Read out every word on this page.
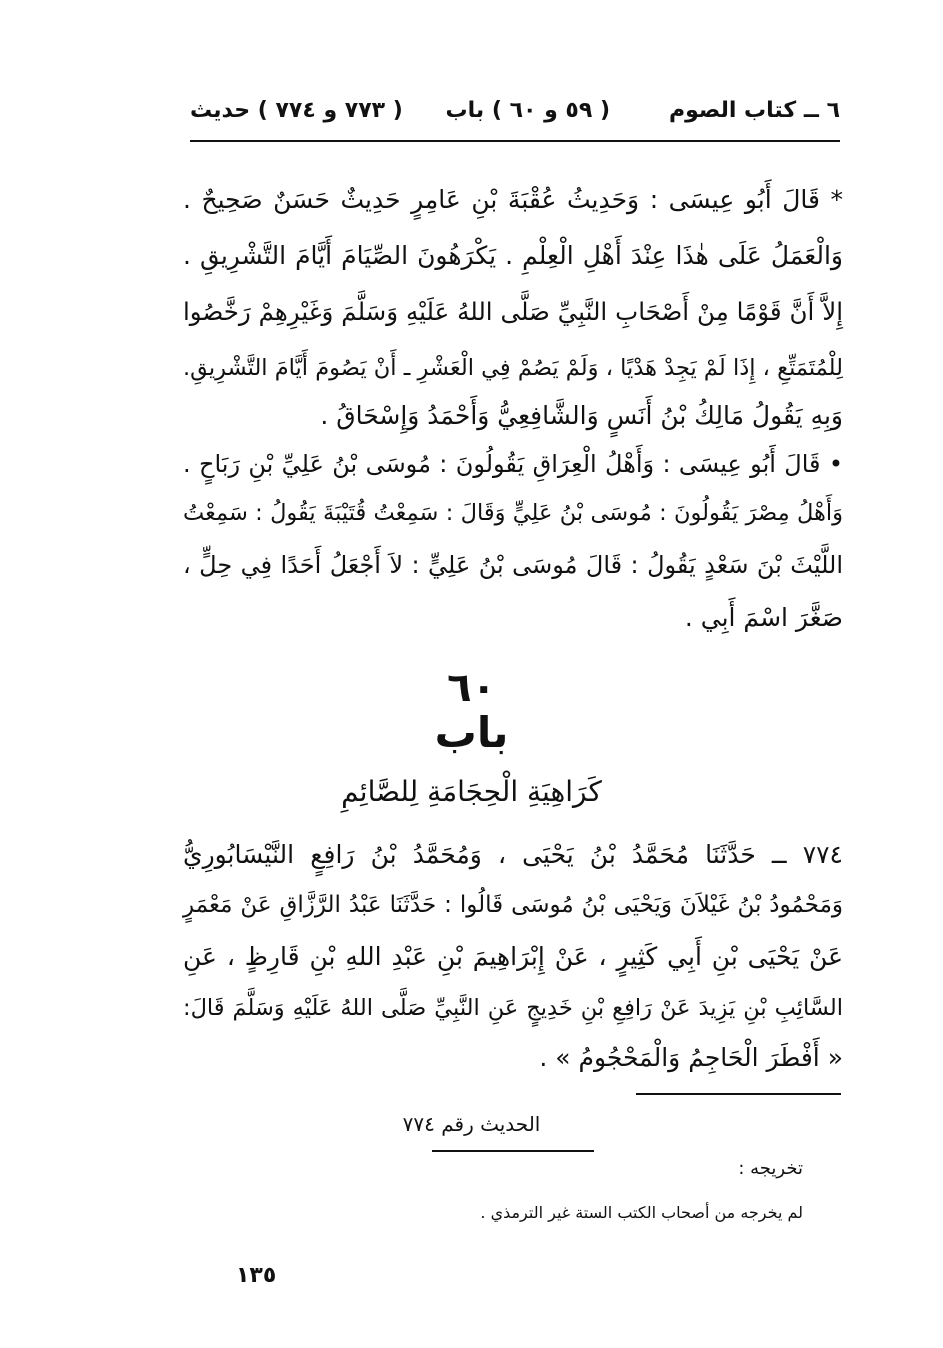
٦ ــ كتاب الصوم
( ٥٩ و ٦٠ ) باب
( ٧٧٣ و ٧٧٤ ) حديث
* قَالَ أَبُو عِيسَى : وَحَدِيثُ عُقْبَةَ بْنِ عَامِرٍ حَدِيثٌ حَسَنٌ صَحِيحٌ .
وَالْعَمَلُ عَلَى هٰذَا عِنْدَ أَهْلِ الْعِلْمِ . يَكْرَهُونَ الصِّيَامَ أَيَّامَ التَّشْرِيقِ .
إِلاَّ أَنَّ قَوْمًا مِنْ أَصْحَابِ النَّبِيِّ صَلَّى اللهُ عَلَيْهِ وَسَلَّمَ وَغَيْرِهِمْ رَخَّصُوا
لِلْمُتَمَتِّعِ ، إِذَا لَمْ يَجِدْ هَدْيًا ، وَلَمْ يَصُمْ فِي الْعَشْرِ ـ أَنْ يَصُومَ أَيَّامَ التَّشْرِيقِ.
وَبِهِ يَقُولُ مَالِكُ بْنُ أَنَسٍ وَالشَّافِعِيُّ وَأَحْمَدُ وَإِسْحَاقُ .
• قَالَ أَبُو عِيسَى : وَأَهْلُ الْعِرَاقِ يَقُولُونَ : مُوسَى بْنُ عَلِيِّ بْنِ رَبَاحٍ .
وَأَهْلُ مِصْرَ يَقُولُونَ : مُوسَى بْنُ عَلِيٍّ وَقَالَ : سَمِعْتُ قُتَيْبَةَ يَقُولُ : سَمِعْتُ
اللَّيْثَ بْنَ سَعْدٍ يَقُولُ : قَالَ مُوسَى بْنُ عَلِيٍّ : لاَ أَجْعَلُ أَحَدًا فِي حِلٍّ ،
صَغَّرَ اسْمَ أَبِي .
٦٠
باب
كَرَاهِيَةِ الْحِجَامَةِ لِلصَّائِمِ
٧٧٤ ــ حَدَّثَنَا مُحَمَّدُ بْنُ يَحْيَى ، وَمُحَمَّدُ بْنُ رَافِعٍ النَّيْسَابُورِيُّ
وَمَحْمُودُ بْنُ غَيْلاَنَ وَيَحْيَى بْنُ مُوسَى قَالُوا : حَدَّثَنَا عَبْدُ الرَّزَّاقِ عَنْ مَعْمَرٍ
عَنْ يَحْيَى بْنِ أَبِي كَثِيرٍ ، عَنْ إِبْرَاهِيمَ بْنِ عَبْدِ اللهِ بْنِ قَارِظٍ ، عَنِ
السَّائِبِ بْنِ يَزِيدَ عَنْ رَافِعِ بْنِ خَدِيجٍ عَنِ النَّبِيِّ صَلَّى اللهُ عَلَيْهِ وَسَلَّمَ قَالَ:
« أَفْطَرَ الْحَاجِمُ وَالْمَحْجُومُ » .
الحديث رقم ٧٧٤
تخريجه :
لم يخرجه من أصحاب الكتب الستة غير الترمذي .
١٣٥
